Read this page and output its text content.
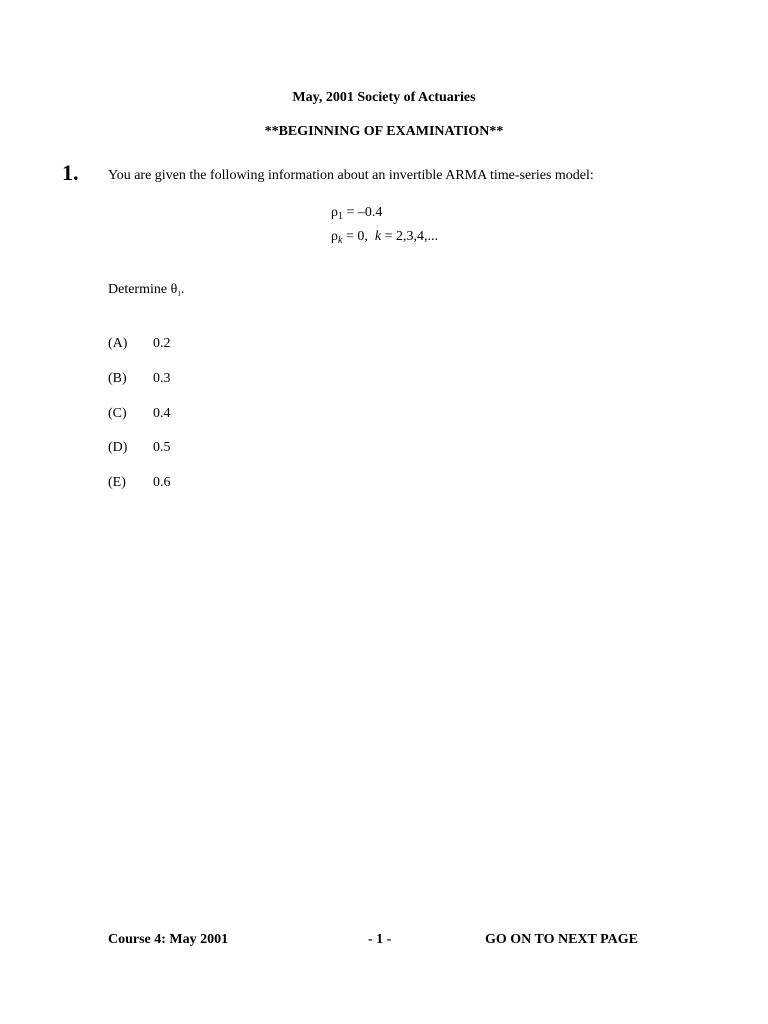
May, 2001 Society of Actuaries
**BEGINNING OF EXAMINATION**
1. You are given the following information about an invertible ARMA time-series model:
$\rho_1 = -0.4$
$\rho_k = 0$,  k = 2,3,4,...
Determine $\theta_1$.
(A) 0.2
(B) 0.3
(C) 0.4
(D) 0.5
(E) 0.6
Course 4: May 2001	- 1 -	GO ON TO NEXT PAGE
